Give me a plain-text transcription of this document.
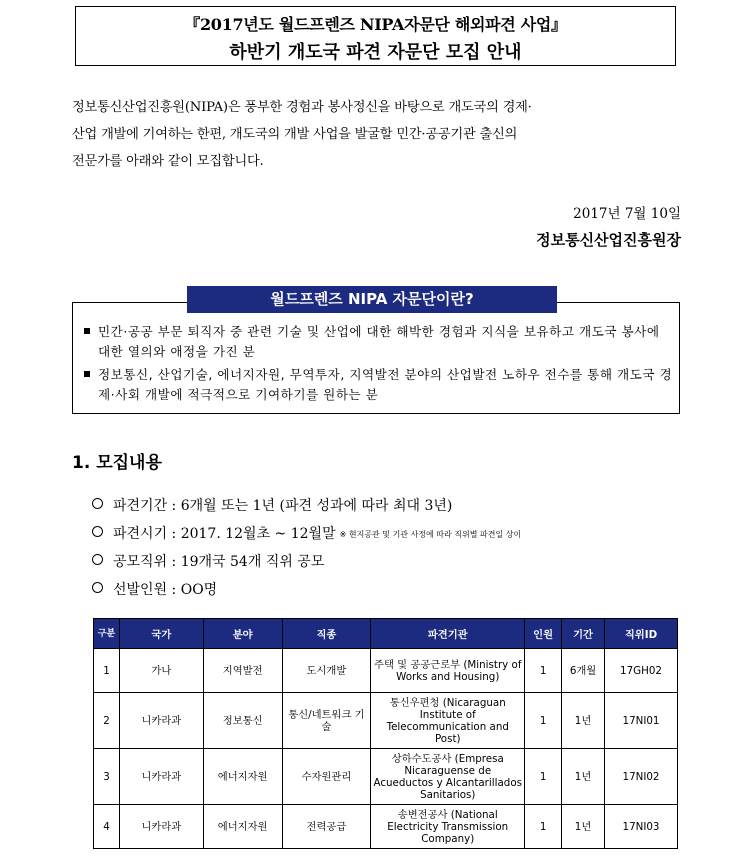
『2017년도 월드프렌즈 NIPA자문단 해외파견 사업』
하반기 개도국 파견 자문단 모집 안내
정보통신산업진흥원(NIPA)은 풍부한 경험과 봉사정신을 바탕으로 개도국의 경제·
산업 개발에 기여하는 한편, 개도국의 개발 사업을 발굴할 민간·공공기관 출신의
전문가를 아래와 같이 모집합니다.
2017년 7월 10일
정보통신산업진흥원장
월드프렌즈 NIPA 자문단이란?
민간·공공 부문 퇴직자 중 관련 기술 및 산업에 대한 해박한 경험과 지식을 보유하고 개도국 봉사에 대한 열의와 애정을 가진 분
정보통신, 산업기술, 에너지자원, 무역투자, 지역발전 분야의 산업발전 노하우 전수를 통해 개도국 경제·사회 개발에 적극적으로 기여하기를 원하는 분
1. 모집내용
파견기간 : 6개월 또는 1년 (파견 성과에 따라 최대 3년)
파견시기 : 2017. 12월초 ~ 12월말 ※ 현지공관 및 기관 사정에 따라 직위별 파견일 상이
공모직위 : 19개국 54개 직위 공모
선발인원 : OO명
구분	국가	분야	직종	파견기관	인원	기간	직위ID
1	가나	지역발전	도시개발	주택 및 공공근로부 (Ministry of Works and Housing)	1	6개월	17GH02
2	니카라과	정보통신	통신/네트워크 기술	통신우편청 (Nicaraguan Institute of Telecommunication and Post)	1	1년	17NI01
3	니카라과	에너지자원	수자원관리	상하수도공사 (Empresa Nicaraguense de Acueductos y Alcantarillados Sanitarios)	1	1년	17NI02
4	니카라과	에너지자원	전력공급	송변전공사 (National Electricity Transmission Company)	1	1년	17NI03
